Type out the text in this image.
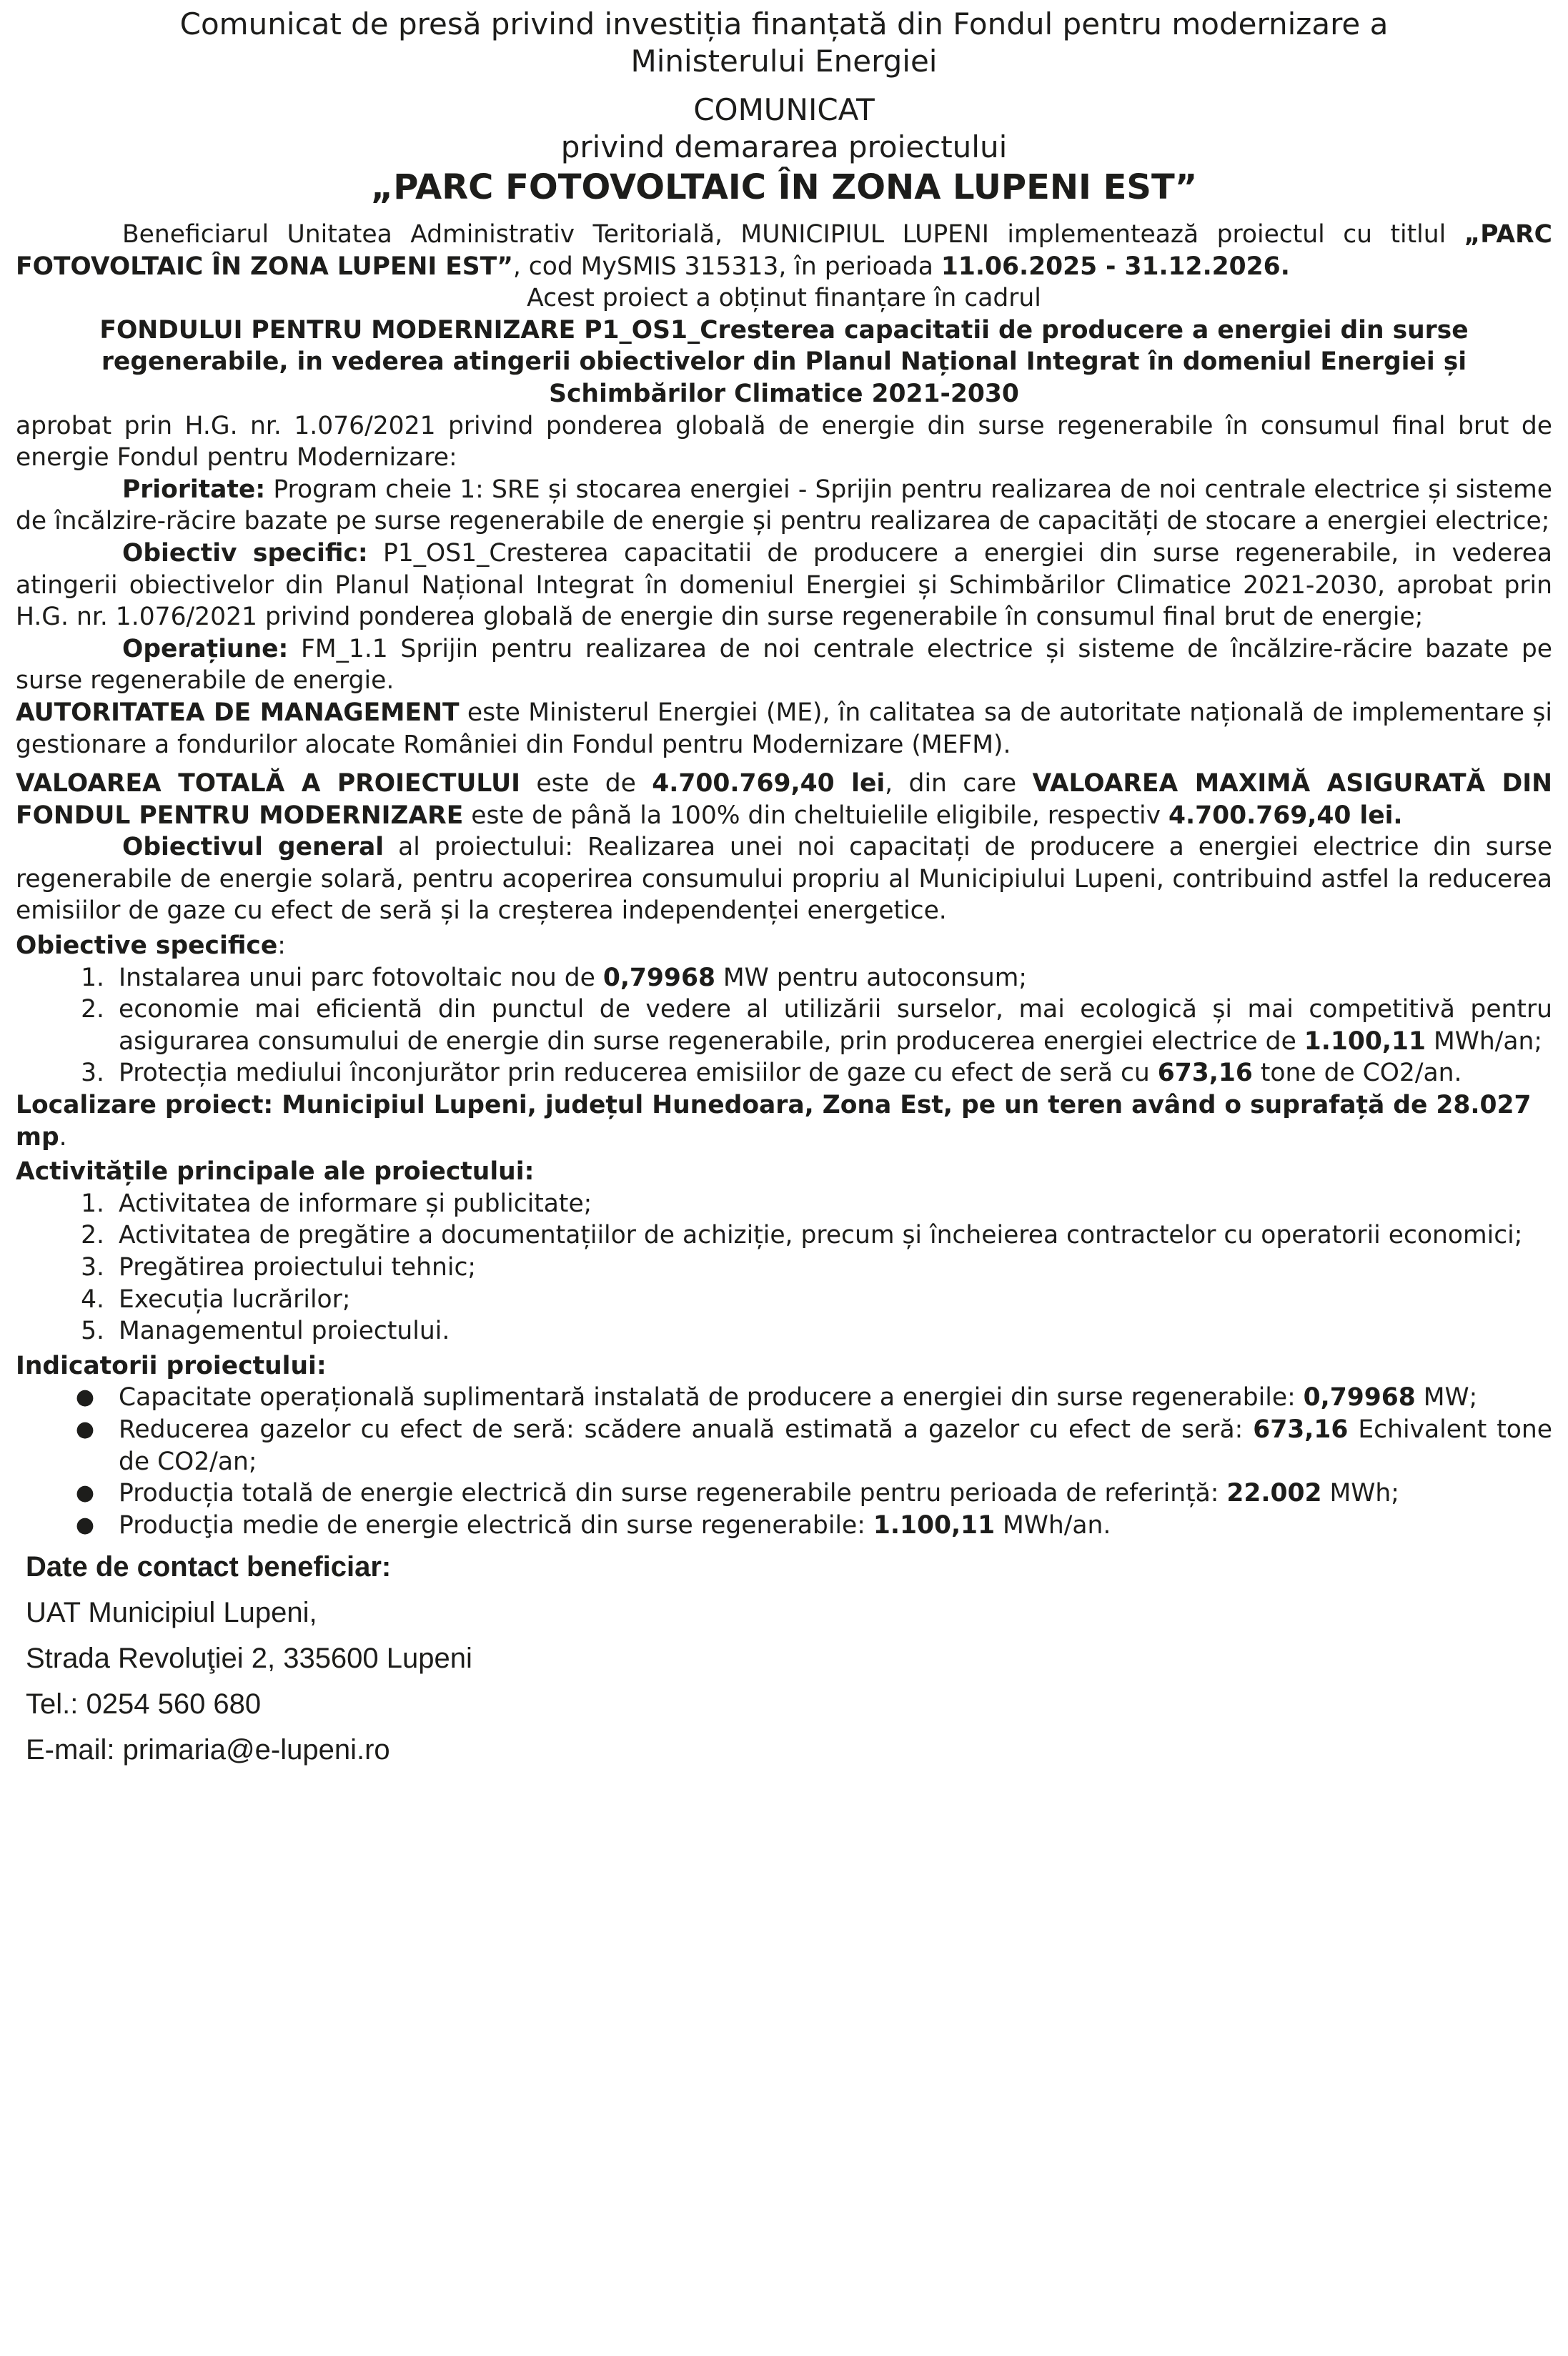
Comunicat de presă privind investiția finanțată din Fondul pentru modernizare a
Ministerului Energiei
COMUNICAT
privind demararea proiectului
„PARC FOTOVOLTAIC ÎN ZONA LUPENI EST”

Beneficiarul Unitatea Administrativ Teritorială, MUNICIPIUL LUPENI implementează proiectul cu titlul „PARC FOTOVOLTAIC ÎN ZONA LUPENI EST”, cod MySMIS 315313, în perioada 11.06.2025 - 31.12.2026.

Acest proiect a obținut finanțare în cadrul

FONDULUI PENTRU MODERNIZARE P1_OS1_Cresterea capacitatii de producere a energiei din surse regenerabile, in vederea atingerii obiectivelor din Planul Național Integrat în domeniul Energiei și Schimbărilor Climatice 2021-2030

aprobat prin H.G. nr. 1.076/2021 privind ponderea globală de energie din surse regenerabile în consumul final brut de energie Fondul pentru Modernizare:

Prioritate: Program cheie 1: SRE și stocarea energiei - Sprijin pentru realizarea de noi centrale electrice și sisteme de încălzire-răcire bazate pe surse regenerabile de energie și pentru realizarea de capacități de stocare a energiei electrice;

Obiectiv specific: P1_OS1_Cresterea capacitatii de producere a energiei din surse regenerabile, in vederea atingerii obiectivelor din Planul Național Integrat în domeniul Energiei și Schimbărilor Climatice 2021-2030, aprobat prin H.G. nr. 1.076/2021 privind ponderea globală de energie din surse regenerabile în consumul final brut de energie;

Operațiune: FM_1.1 Sprijin pentru realizarea de noi centrale electrice și sisteme de încălzire-răcire bazate pe surse regenerabile de energie.

AUTORITATEA DE MANAGEMENT este Ministerul Energiei (ME), în calitatea sa de autoritate națională de implementare și gestionare a fondurilor alocate României din Fondul pentru Modernizare (MEFM).

VALOAREA TOTALĂ A PROIECTULUI este de 4.700.769,40 lei, din care VALOAREA MAXIMĂ ASIGURATĂ DIN FONDUL PENTRU MODERNIZARE este de până la 100% din cheltuielile eligibile, respectiv 4.700.769,40 lei.

Obiectivul general al proiectului: Realizarea unei noi capacitați de producere a energiei electrice din surse regenerabile de energie solară, pentru acoperirea consumului propriu al Municipiului Lupeni, contribuind astfel la reducerea emisiilor de gaze cu efect de seră și la creșterea independenței energetice.

Obiective specifice:

1. Instalarea unui parc fotovoltaic nou de 0,79968 MW pentru autoconsum;
2. economie mai eficientă din punctul de vedere al utilizării surselor, mai ecologică și mai competitivă pentru asigurarea consumului de energie din surse regenerabile, prin producerea energiei electrice de 1.100,11 MWh/an;
3. Protecția mediului înconjurător prin reducerea emisiilor de gaze cu efect de seră cu 673,16 tone de CO2/an.

Localizare proiect: Municipiul Lupeni, județul Hunedoara, Zona Est, pe un teren având o suprafață de 28.027 mp.

Activitățile principale ale proiectului:

1. Activitatea de informare și publicitate;
2. Activitatea de pregătire a documentațiilor de achiziție, precum și încheierea contractelor cu operatorii economici;
3. Pregătirea proiectului tehnic;
4. Execuția lucrărilor;
5. Managementul proiectului.

Indicatorii proiectului:

● Capacitate operațională suplimentară instalată de producere a energiei din surse regenerabile: 0,79968 MW;
● Reducerea gazelor cu efect de seră: scădere anuală estimată a gazelor cu efect de seră: 673,16 Echivalent tone de CO2/an;
● Producția totală de energie electrică din surse regenerabile pentru perioada de referință: 22.002 MWh;
● Producţia medie de energie electrică din surse regenerabile: 1.100,11 MWh/an.
Date de contact beneficiar:
UAT Municipiul Lupeni,
Strada Revoluţiei 2, 335600 Lupeni
Tel.: 0254 560 680
E-mail: primaria@e-lupeni.ro
